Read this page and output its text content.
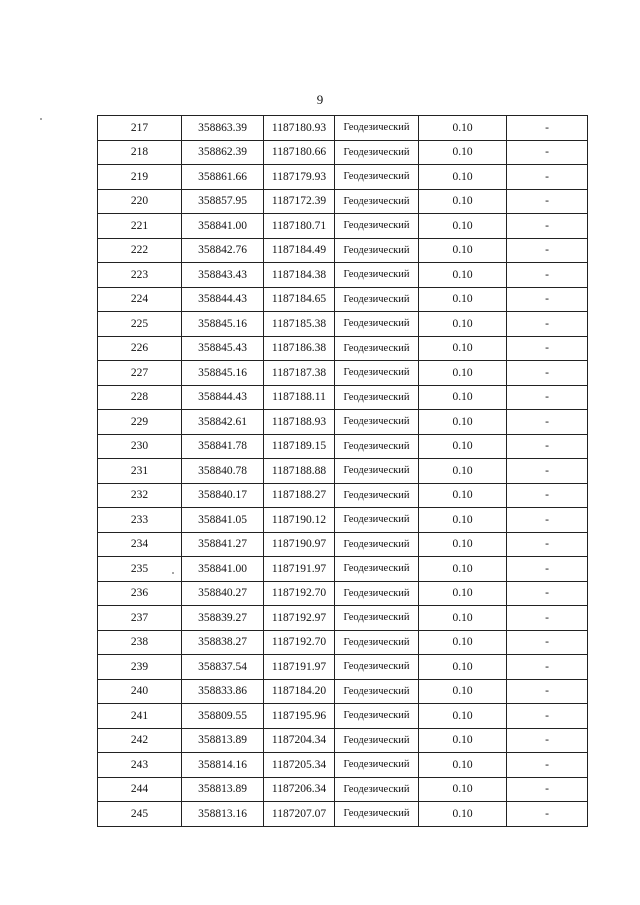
9
217	358863.39	1187180.93	Геодезический	0.10	-
218	358862.39	1187180.66	Геодезический	0.10	-
219	358861.66	1187179.93	Геодезический	0.10	-
220	358857.95	1187172.39	Геодезический	0.10	-
221	358841.00	1187180.71	Геодезический	0.10	-
222	358842.76	1187184.49	Геодезический	0.10	-
223	358843.43	1187184.38	Геодезический	0.10	-
224	358844.43	1187184.65	Геодезический	0.10	-
225	358845.16	1187185.38	Геодезический	0.10	-
226	358845.43	1187186.38	Геодезический	0.10	-
227	358845.16	1187187.38	Геодезический	0.10	-
228	358844.43	1187188.11	Геодезический	0.10	-
229	358842.61	1187188.93	Геодезический	0.10	-
230	358841.78	1187189.15	Геодезический	0.10	-
231	358840.78	1187188.88	Геодезический	0.10	-
232	358840.17	1187188.27	Геодезический	0.10	-
233	358841.05	1187190.12	Геодезический	0.10	-
234	358841.27	1187190.97	Геодезический	0.10	-
235	358841.00	1187191.97	Геодезический	0.10	-
236	358840.27	1187192.70	Геодезический	0.10	-
237	358839.27	1187192.97	Геодезический	0.10	-
238	358838.27	1187192.70	Геодезический	0.10	-
239	358837.54	1187191.97	Геодезический	0.10	-
240	358833.86	1187184.20	Геодезический	0.10	-
241	358809.55	1187195.96	Геодезический	0.10	-
242	358813.89	1187204.34	Геодезический	0.10	-
243	358814.16	1187205.34	Геодезический	0.10	-
244	358813.89	1187206.34	Геодезический	0.10	-
245	358813.16	1187207.07	Геодезический	0.10	-
